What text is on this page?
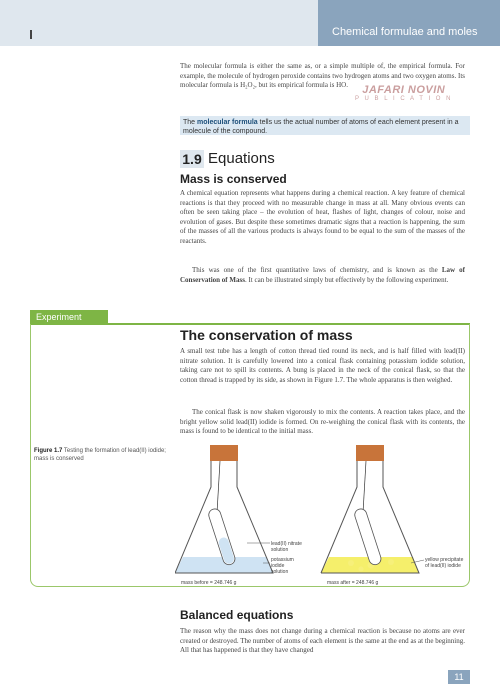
Chemical formulae and moles

The molecular formula is either the same as, or a simple multiple of, the empirical formula. For example, the molecule of hydrogen peroxide contains two hydrogen atoms and two oxygen atoms. Its molecular formula is H₂O₂, but its empirical formula is HO.	JAFARI NOVIN
P U B L I C A T I O N
The molecular formula tells us the actual number of atoms of each element present in a molecule of the compound.
1.9 Equations
Mass is conserved

A chemical equation represents what happens during a chemical reaction. A key feature of chemical reactions is that they proceed with no measurable change in mass at all. Many obvious events can often be seen taking place – the evolution of heat, flashes of light, changes of colour, noise and evolution of gases. But despite these sometimes dramatic signs that a reaction is happening, the sum of the masses of all the various products is always found to be equal to the sum of the masses of the reactants.

This was one of the first quantitative laws of chemistry, and is known as the Law of Conservation of Mass. It can be illustrated simply but effectively by the following experiment.

Experiment
The conservation of mass

A small test tube has a length of cotton thread tied round its neck, and is half filled with lead(II) nitrate solution. It is carefully lowered into a conical flask containing potassium iodide solution, taking care not to spill its contents. A bung is placed in the neck of the conical flask, so that the cotton thread is trapped by its side, as shown in Figure 1.7. The whole apparatus is then weighed.

The conical flask is now shaken vigorously to mix the contents. A reaction takes place, and the bright yellow solid lead(II) iodide is formed. On re-weighing the conical flask with its contents, the mass is found to be identical to the initial mass.

Figure 1.7 Testing the formation of lead(II) iodide; mass is conserved
lead(II) nitrate solution
potassium iodide solution
mass before = 248.746 g
yellow precipitate of lead(II) iodide
mass after = 248.746 g
Balanced equations

The reason why the mass does not change during a chemical reaction is because no atoms are ever created or destroyed. The number of atoms of each element is the same at the end as at the beginning. All that has happened is that they have changed

11
